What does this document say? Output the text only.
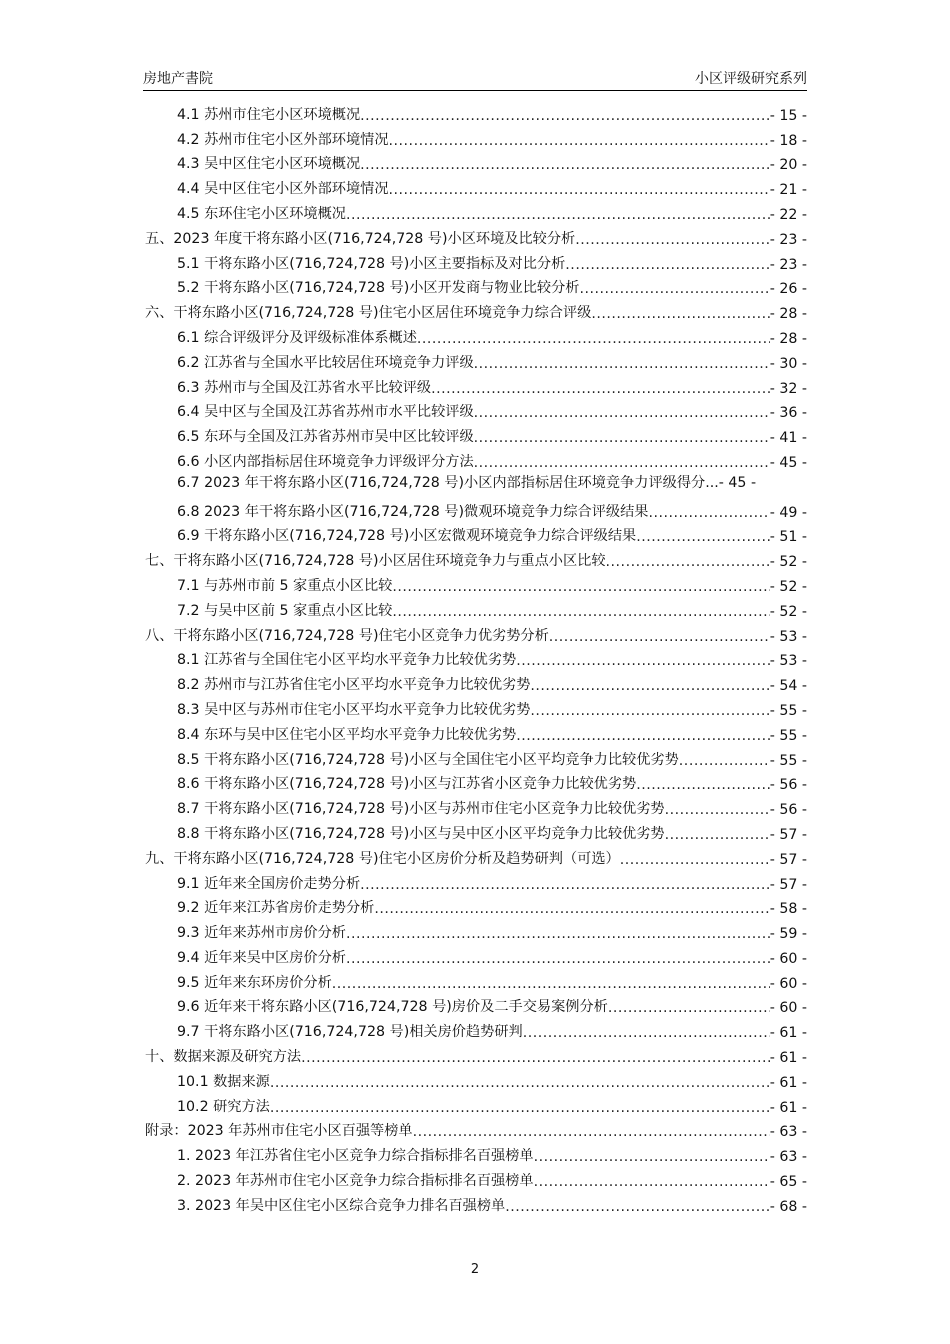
房地产書院	小区评级研究系列
4.1 苏州市住宅小区环境概况 .....	- 15 -
4.2 苏州市住宅小区外部环境情况 .....	- 18 -
4.3 吴中区住宅小区环境概况 .....	- 20 -
4.4 吴中区住宅小区外部环境情况 .....	- 21 -
4.5 东环住宅小区环境概况 .....	- 22 -
五、2023 年度干将东路小区(716,724,728 号)小区环境及比较分析 .....	- 23 -
5.1 干将东路小区(716,724,728 号)小区主要指标及对比分析 .....	- 23 -
5.2 干将东路小区(716,724,728 号)小区开发商与物业比较分析 .....	- 26 -
六、干将东路小区(716,724,728 号)住宅小区居住环境竞争力综合评级 .....	- 28 -
6.1 综合评级评分及评级标准体系概述 .....	- 28 -
6.2 江苏省与全国水平比较居住环境竞争力评级 .....	- 30 -
6.3 苏州市与全国及江苏省水平比较评级 .....	- 32 -
6.4 吴中区与全国及江苏省苏州市水平比较评级 .....	- 36 -
6.5 东环与全国及江苏省苏州市吴中区比较评级 .....	- 41 -
6.6 小区内部指标居住环境竞争力评级评分方法 .....	- 45 -
6.7 2023 年干将东路小区(716,724,728 号)小区内部指标居住环境竞争力评级得分...- 45 -
6.8 2023 年干将东路小区(716,724,728 号)微观环境竞争力综合评级结果 .....	- 49 -
6.9 干将东路小区(716,724,728 号)小区宏微观环境竞争力综合评级结果 .....	- 51 -
七、干将东路小区(716,724,728 号)小区居住环境竞争力与重点小区比较 .....	- 52 -
7.1 与苏州市前 5 家重点小区比较 .....	- 52 -
7.2 与吴中区前 5 家重点小区比较 .....	- 52 -
八、干将东路小区(716,724,728 号)住宅小区竞争力优劣势分析 .....	- 53 -
8.1 江苏省与全国住宅小区平均水平竞争力比较优劣势 .....	- 53 -
8.2 苏州市与江苏省住宅小区平均水平竞争力比较优劣势 .....	- 54 -
8.3 吴中区与苏州市住宅小区平均水平竞争力比较优劣势 .....	- 55 -
8.4 东环与吴中区住宅小区平均水平竞争力比较优劣势 .....	- 55 -
8.5 干将东路小区(716,724,728 号)小区与全国住宅小区平均竞争力比较优劣势 .....	- 55 -
8.6 干将东路小区(716,724,728 号)小区与江苏省小区竞争力比较优劣势 .....	- 56 -
8.7 干将东路小区(716,724,728 号)小区与苏州市住宅小区竞争力比较优劣势 .....	- 56 -
8.8 干将东路小区(716,724,728 号)小区与吴中区小区平均竞争力比较优劣势 .....	- 57 -
九、干将东路小区(716,724,728 号)住宅小区房价分析及趋势研判（可选） .....	- 57 -
9.1 近年来全国房价走势分析 .....	- 57 -
9.2 近年来江苏省房价走势分析 .....	- 58 -
9.3 近年来苏州市房价分析 .....	- 59 -
9.4 近年来吴中区房价分析 .....	- 60 -
9.5 近年来东环房价分析 .....	- 60 -
9.6 近年来干将东路小区(716,724,728 号)房价及二手交易案例分析 .....	- 60 -
9.7 干将东路小区(716,724,728 号)相关房价趋势研判 .....	- 61 -
十、数据来源及研究方法 .....	- 61 -
10.1 数据来源 .....	- 61 -
10.2 研究方法 .....	- 61 -
附录：2023 年苏州市住宅小区百强等榜单 .....	- 63 -
1. 2023 年江苏省住宅小区竞争力综合指标排名百强榜单 .....	- 63 -
2. 2023 年苏州市住宅小区竞争力综合指标排名百强榜单 .....	- 65 -
3. 2023 年吴中区住宅小区综合竞争力排名百强榜单 .....	- 68 -
2
